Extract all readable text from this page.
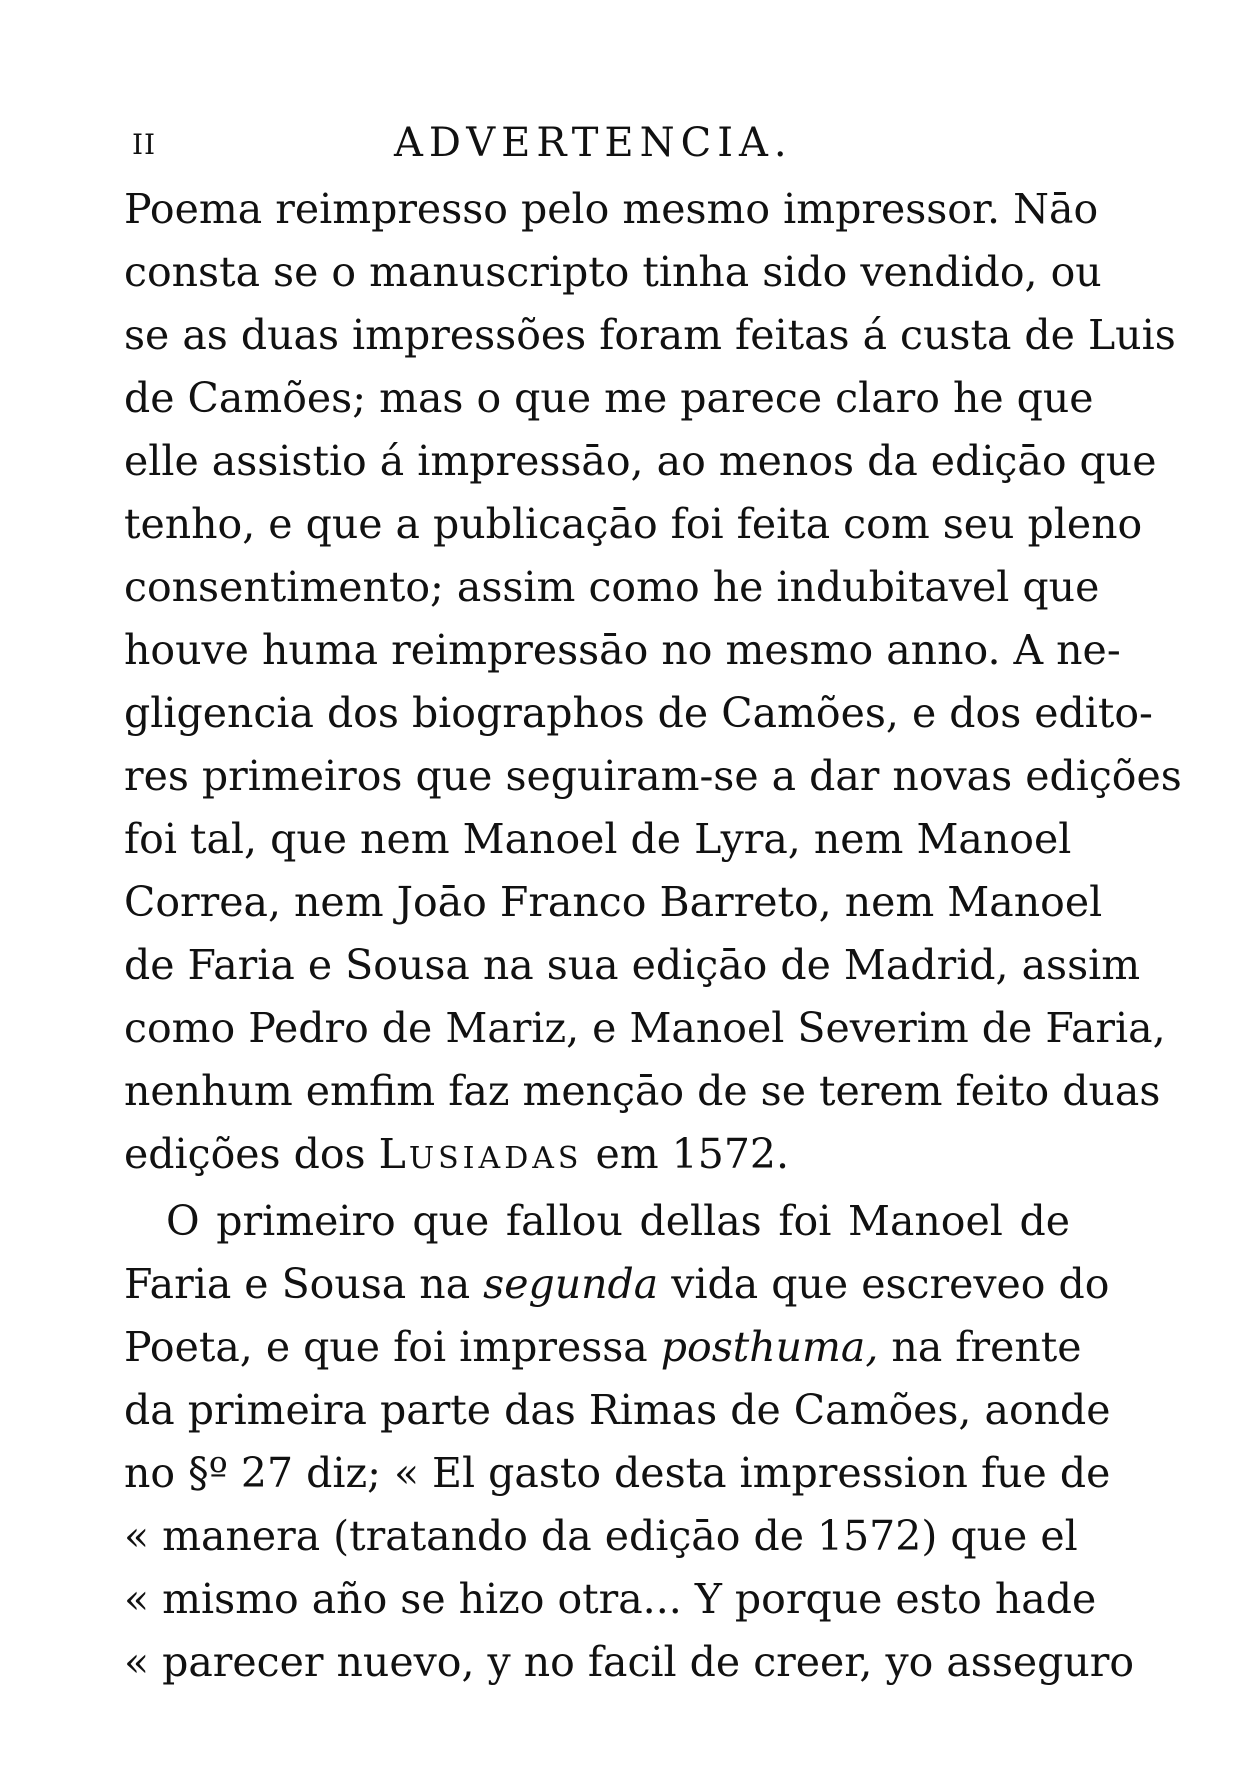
II	ADVERTENCIA.
Poema reimpresso pelo mesmo impressor. Nāo
consta se o manuscripto tinha sido vendido, ou
se as duas impressões foram feitas á custa de Luis
de Camões; mas o que me parece claro he que
elle assistio á impressāo, ao menos da ediçāo que
tenho, e que a publicaçāo foi feita com seu pleno
consentimento; assim como he indubitavel que
houve huma reimpressāo no mesmo anno. A ne-
gligencia dos biographos de Camões, e dos edito-
res primeiros que seguiram-se a dar novas edições
foi tal, que nem Manoel de Lyra, nem Manoel
Correa, nem Joāo Franco Barreto, nem Manoel
de Faria e Sousa na sua ediçāo de Madrid, assim
como Pedro de Mariz, e Manoel Severim de Faria,
nenhum emfim faz mençāo de se terem feito duas
edições dos LUSIADAS em 1572.
O primeiro que fallou dellas foi Manoel de
Faria e Sousa na segunda vida que escreveo do
Poeta, e que foi impressa posthuma, na frente
da primeira parte das Rimas de Camões, aonde
no §º 27 diz; « El gasto desta impression fue de
« manera (tratando da ediçāo de 1572) que el
« mismo año se hizo otra... Y porque esto hade
« parecer nuevo, y no facil de creer, yo asseguro
